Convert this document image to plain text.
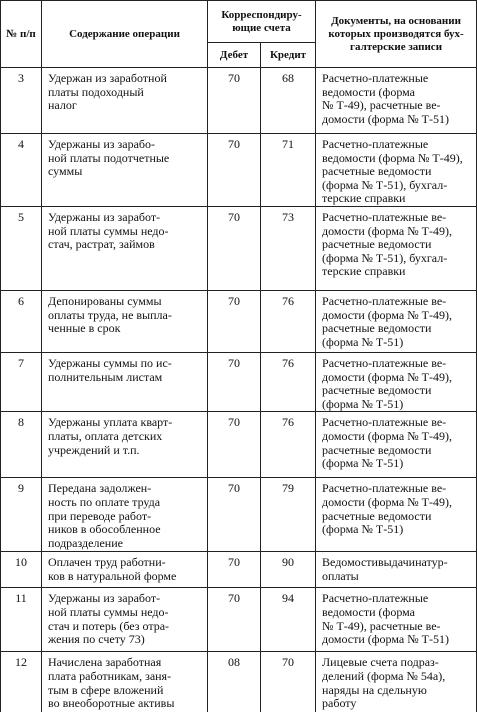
№ п/п	Содержание операции	Корреспондиру- ющие счета		Документы, на основании которых производятся бух- галтерские записи
		Дебет	Кредит	

3	Удержан из заработной
платы подоходный
налог	70	68	Расчетно-платежные
ведомости (форма
№ Т-49), расчетные ве-
домости (форма № Т-51)

4	Удержаны из зарабо-
ной платы подотчетные
суммы	70	71	Расчетно-платежные
ведомости (форма № Т-49),
расчетные ведомости
(форма № Т-51), бухгал-
терские справки

5	Удержаны из заработ-
ной платы суммы недо-
стач, растрат, займов	70	73	Расчетно-платежные ве-
домости (форма № Т-49),
расчетные ведомости
(форма № Т-51), бухгал-
терские справки

6	Депонированы суммы
оплаты труда, не выпла-
ченные в срок	70	76	Расчетно-платежные ве-
домости (форма № Т-49),
расчетные ведомости
(форма № Т-51)

7	Удержаны суммы по ис-
полнительным листам	70	76	Расчетно-платежные ве-
домости (форма № Т-49),
расчетные ведомости
(форма № Т-51)

8	Удержаны уплата кварт-
платы, оплата детских
учреждений и т.п.	70	76	Расчетно-платежные ве-
домости (форма № Т-49),
расчетные ведомости
(форма № Т-51)

9	Передана задолжен-
ность по оплате труда
при переводе работ-
ников в обособленное
подразделение	70	79	Расчетно-платежные ве-
домости (форма № Т-49),
расчетные ведомости
(форма № Т-51)

10	Оплачен труд работни-
ков в натуральной форме	70	90	Ведомостивыдачинатур-
оплаты

11	Удержаны из заработ-
ной платы суммы недо-
стач и потерь (без отра-
жения по счету 73)	70	94	Расчетно-платежные
ведомости (форма
№ Т-49), расчетные ве-
домости (форма № Т-51)

12	Начислена заработная
плата работникам, заня-
тым в сфере вложений
во внеоборотные активы	08	70	Лицевые счета подраз-
делений (форма № 54а),
наряды на сдельную
работу
